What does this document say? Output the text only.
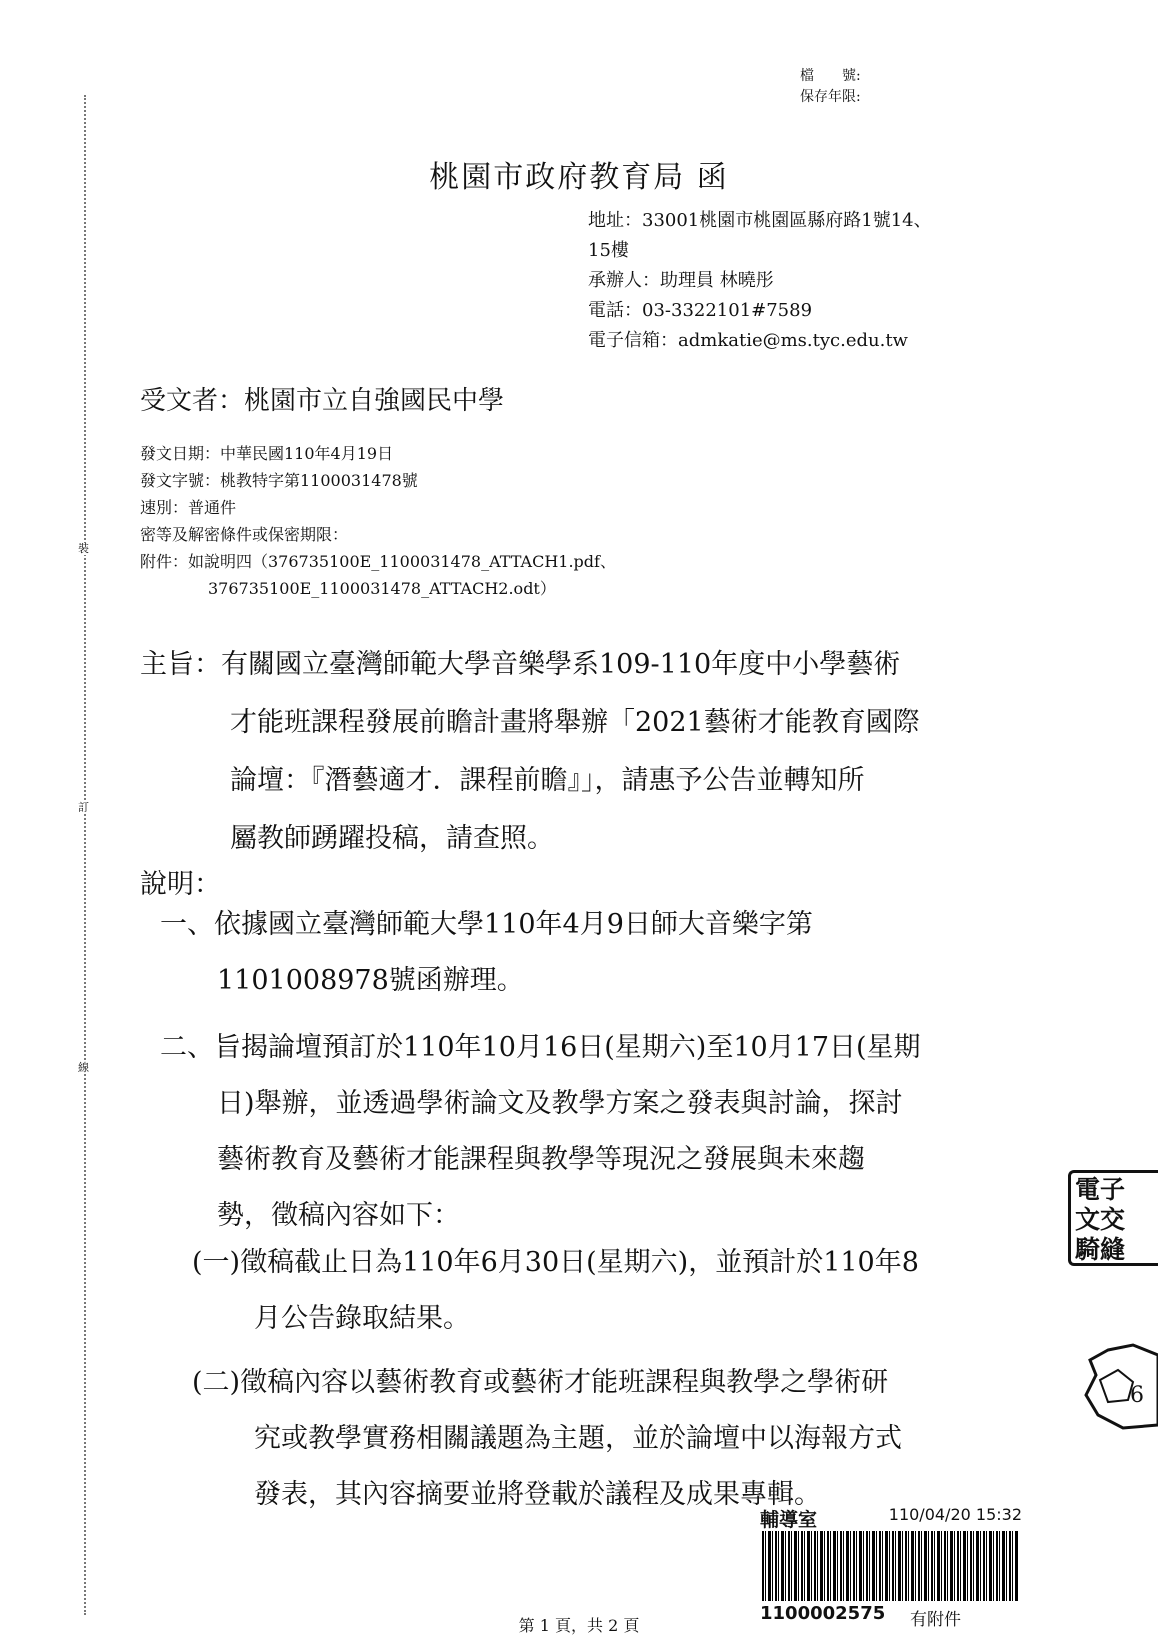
裝
訂
線
檔　　號:
保存年限:
桃園市政府教育局 函
地址：33001桃園市桃園區縣府路1號14、
15樓
承辦人：助理員 林曉彤
電話：03-3322101#7589
電子信箱：admkatie@ms.tyc.edu.tw
受文者：桃園市立自強國民中學
發文日期：中華民國110年4月19日
發文字號：桃教特字第1100031478號
速別：普通件
密等及解密條件或保密期限：
附件：如說明四（376735100E_1100031478_ATTACH1.pdf、
376735100E_1100031478_ATTACH2.odt）
主旨：有關國立臺灣師範大學音樂學系109-110年度中小學藝術
才能班課程發展前瞻計畫將舉辦「2021藝術才能教育國際
論壇：『潛藝適才．課程前瞻』」，請惠予公告並轉知所
屬教師踴躍投稿，請查照。
說明：
一、依據國立臺灣師範大學110年4月9日師大音樂字第
1101008978號函辦理。
二、旨揭論壇預訂於110年10月16日(星期六)至10月17日(星期
日)舉辦，並透過學術論文及教學方案之發表與討論，探討
藝術教育及藝術才能課程與教學等現況之發展與未來趨
勢，徵稿內容如下：
(一)徵稿截止日為110年6月30日(星期六)，並預計於110年8
月公告錄取結果。
(二)徵稿內容以藝術教育或藝術才能班課程與教學之學術研
究或教學實務相關議題為主題，並於論壇中以海報方式
發表，其內容摘要並將登載於議程及成果專輯。
第 1 頁，共 2 頁
輔導室	110/04/20 15:32
1100002575 有附件
電子
文交
騎縫
6
